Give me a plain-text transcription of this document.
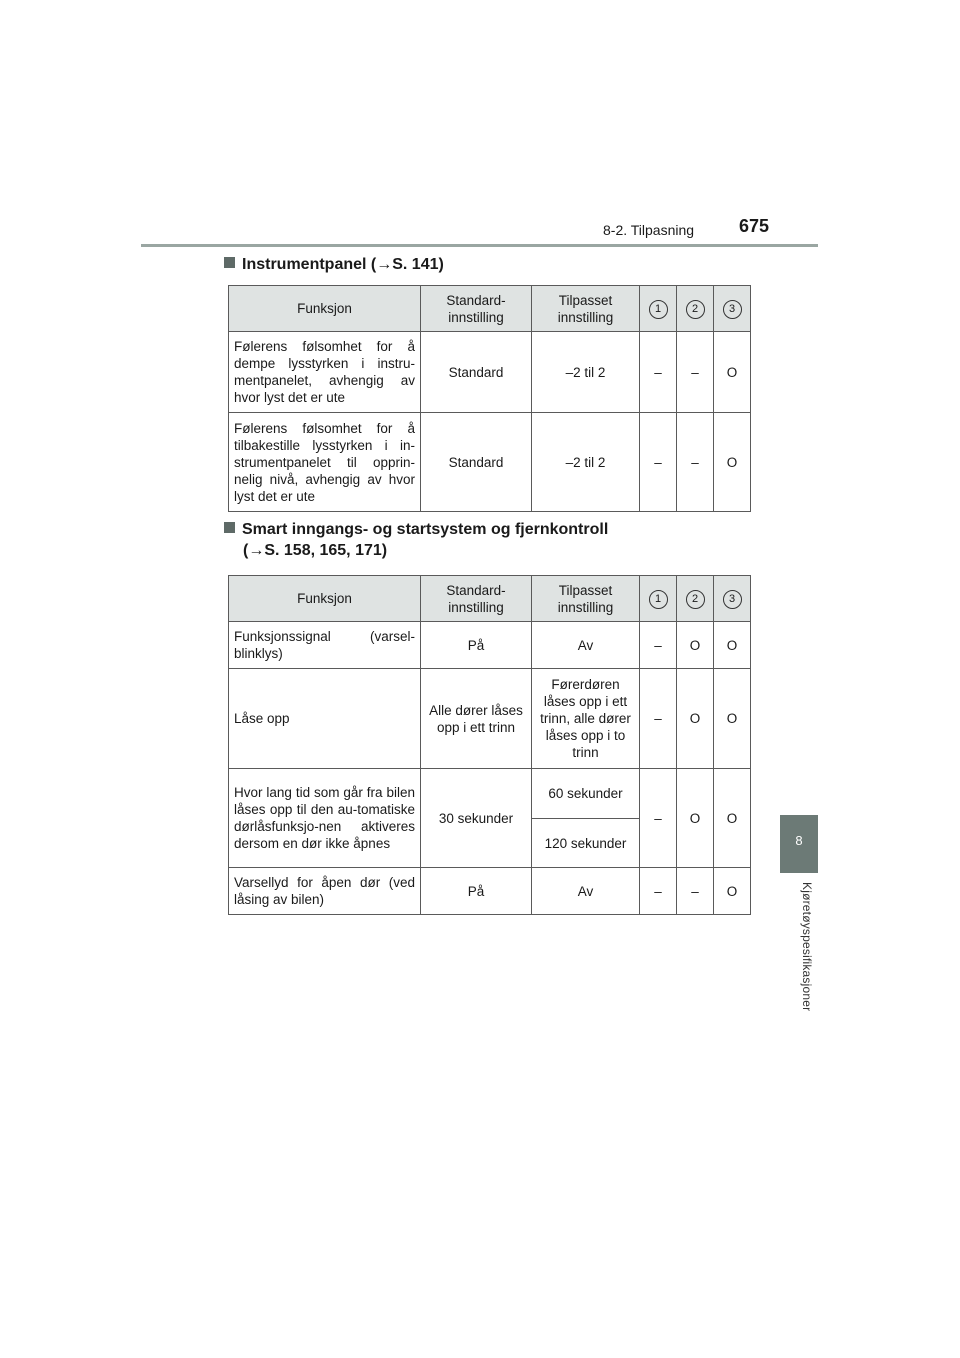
8-2. Tilpasning 675
8
Kjøretøyspesifikasjoner
Instrumentpanel (→S. 141)
Funksjon	Standard-innstilling	Tilpasset innstilling	1	2	3
Følerens følsomhet for å dempe lysstyrken i instru-mentpanelet, avhengig av hvor lyst det er ute	Standard	–2 til 2	–	–	O
Følerens følsomhet for å tilbakestille lysstyrken i in-strumentpanelet til opprin-nelig nivå, avhengig av hvor lyst det er ute	Standard	–2 til 2	–	–	O
Smart inngangs- og startsystem og fjernkontroll
(→S. 158, 165, 171)
Funksjon	Standard-innstilling	Tilpasset innstilling	1	2	3
Funksjonssignal (varsel-blinklys)	På	Av	–	O	O
Låse opp	Alle dører låses opp i ett trinn	Førerdøren låses opp i ett trinn, alle dører låses opp i to trinn	–	O	O
Hvor lang tid som går fra bilen låses opp til den au-tomatiske dørlåsfunksjo-nen aktiveres dersom en dør ikke åpnes	30 sekunder	60 sekunder	–	O	O
		120 sekunder			
Varsellyd for åpen dør (ved låsing av bilen)	På	Av	–	–	O
